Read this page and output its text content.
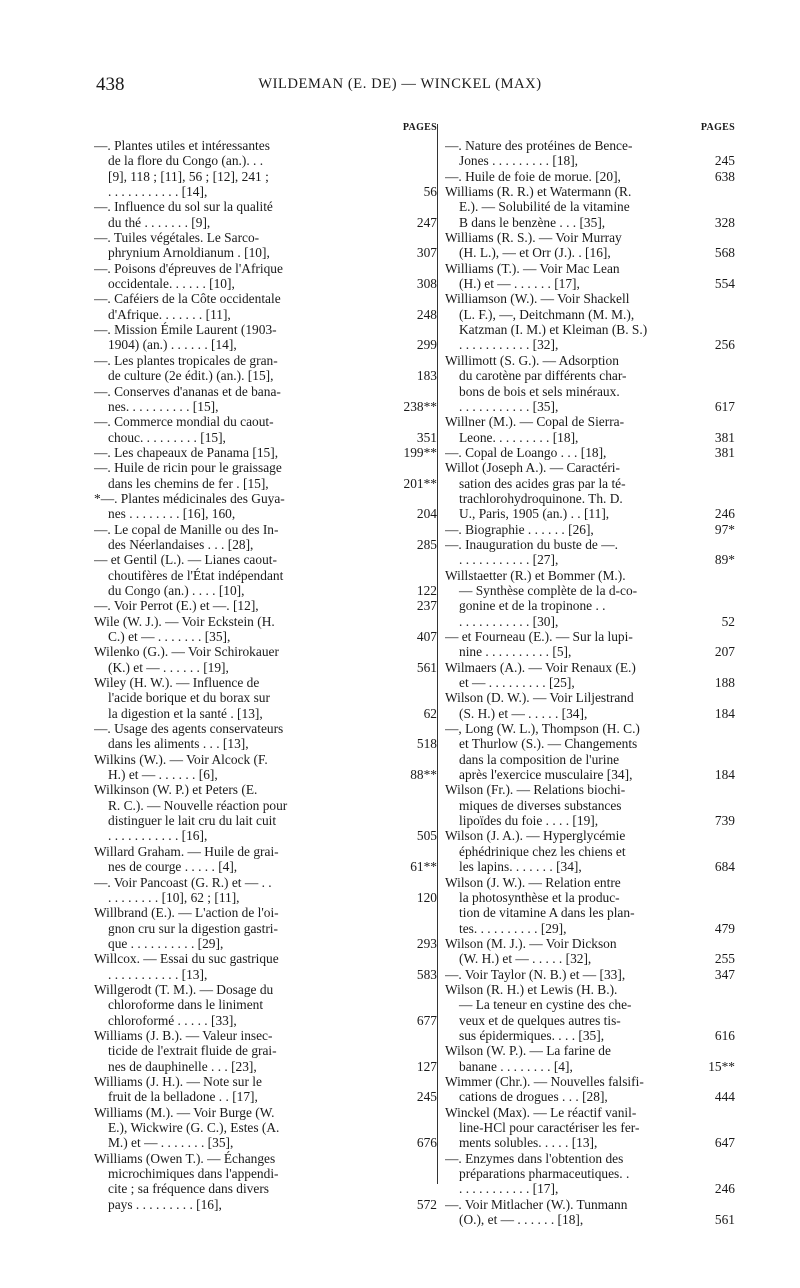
438	WILDEMAN (E. DE) — WINCKEL (MAX)
PAGES
—. Plantes utiles et intéressantes
de la flore du Congo (an.). . .
[9], 118 ; [11], 56 ; [12], 241 ;
. . . . . . . . . . . [14],	56
—. Influence du sol sur la qualité
du thé . . . . . . . [9],	247
—. Tuiles végétales. Le Sarco-
phrynium Arnoldianum . [10],	307
—. Poisons d'épreuves de l'Afrique
occidentale. . . . . . [10],	308
—. Caféiers de la Côte occidentale
d'Afrique. . . . . . . [11],	248
—. Mission Émile Laurent (1903-
1904) (an.) . . . . . . [14],	299
—. Les plantes tropicales de gran-
de culture (2e édit.) (an.). [15],	183
—. Conserves d'ananas et de bana-
nes. . . . . . . . . . [15],	238**
—. Commerce mondial du caout-
chouc. . . . . . . . . [15],	351
—. Les chapeaux de Panama [15],	199**
—. Huile de ricin pour le graissage
dans les chemins de fer . [15],	201**
*—. Plantes médicinales des Guya-
nes . . . . . . . . [16], 160,	204
—. Le copal de Manille ou des In-
des Néerlandaises . . . [28],	285
— et Gentil (L.). — Lianes caout-
choutifères de l'État indépendant
du Congo (an.) . . . . [10],	122
—. Voir Perrot (E.) et —. [12],	237
Wile (W. J.). — Voir Eckstein (H.
C.) et — . . . . . . . [35],	407
Wilenko (G.). — Voir Schirokauer
(K.) et — . . . . . . [19],	561
Wiley (H. W.). — Influence de
l'acide borique et du borax sur
la digestion et la santé . [13],	62
—. Usage des agents conservateurs
dans les aliments . . . [13],	518
Wilkins (W.). — Voir Alcock (F.
H.) et — . . . . . . [6],	88**
Wilkinson (W. P.) et Peters (E.
R. C.). — Nouvelle réaction pour
distinguer le lait cru du lait cuit
. . . . . . . . . . . [16],	505
Willard Graham. — Huile de grai-
nes de courge . . . . . [4],	61**
—. Voir Pancoast (G. R.) et — . .
. . . . . . . . [10], 62 ; [11],	120
Willbrand (E.). — L'action de l'oi-
gnon cru sur la digestion gastri-
que . . . . . . . . . . [29],	293
Willcox. — Essai du suc gastrique
. . . . . . . . . . . [13],	583
Willgerodt (T. M.). — Dosage du
chloroforme dans le liniment
chloroformé . . . . . [33],	677
Williams (J. B.). — Valeur insec-
ticide de l'extrait fluide de grai-
nes de dauphinelle . . . [23],	127
Williams (J. H.). — Note sur le
fruit de la belladone . . [17],	245
Williams (M.). — Voir Burge (W.
E.), Wickwire (G. C.), Estes (A.
M.) et — . . . . . . . [35],	676
Williams (Owen T.). — Échanges
microchimiques dans l'appendi-
cite ; sa fréquence dans divers
pays . . . . . . . . . [16],	572
PAGES
—. Nature des protéines de Bence-
Jones . . . . . . . . . [18],	245
—. Huile de foie de morue. [20],	638
Williams (R. R.) et Watermann (R.
E.). — Solubilité de la vitamine
B dans le benzène . . . [35],	328
Williams (R. S.). — Voir Murray
(H. L.), — et Orr (J.). . [16],	568
Williams (T.). — Voir Mac Lean
(H.) et — . . . . . . [17],	554
Williamson (W.). — Voir Shackell
(L. F.), —, Deitchmann (M. M.),
Katzman (I. M.) et Kleiman (B. S.)
. . . . . . . . . . . [32],	256
Willimott (S. G.). — Adsorption
du carotène par différents char-
bons de bois et sels minéraux.
. . . . . . . . . . . [35],	617
Willner (M.). — Copal de Sierra-
Leone. . . . . . . . . [18],	381
—. Copal de Loango . . . [18],	381
Willot (Joseph A.). — Caractéri-
sation des acides gras par la té-
trachlorohydroquinone. Th. D.
U., Paris, 1905 (an.) . . [11],	246
—. Biographie . . . . . . [26],	97*
—. Inauguration du buste de —.
. . . . . . . . . . . [27],	89*
Willstaetter (R.) et Bommer (M.).
— Synthèse complète de la d-co-
gonine et de la tropinone . .
. . . . . . . . . . . [30],	52
— et Fourneau (E.). — Sur la lupi-
nine . . . . . . . . . . [5],	207
Wilmaers (A.). — Voir Renaux (E.)
et — . . . . . . . . . [25],	188
Wilson (D. W.). — Voir Liljestrand
(S. H.) et — . . . . . [34],	184
—, Long (W. L.), Thompson (H. C.)
et Thurlow (S.). — Changements
dans la composition de l'urine
après l'exercice musculaire [34],	184
Wilson (Fr.). — Relations biochi-
miques de diverses substances
lipoïdes du foie . . . . [19],	739
Wilson (J. A.). — Hyperglycémie
éphédrinique chez les chiens et
les lapins. . . . . . . [34],	684
Wilson (J. W.). — Relation entre
la photosynthèse et la produc-
tion de vitamine A dans les plan-
tes. . . . . . . . . . [29],	479
Wilson (M. J.). — Voir Dickson
(W. H.) et — . . . . . [32],	255
—. Voir Taylor (N. B.) et — [33],	347
Wilson (R. H.) et Lewis (H. B.).
— La teneur en cystine des che-
veux et de quelques autres tis-
sus épidermiques. . . . [35],	616
Wilson (W. P.). — La farine de
banane . . . . . . . . [4],	15**
Wimmer (Chr.). — Nouvelles falsifi-
cations de drogues . . . [28],	444
Winckel (Max). — Le réactif vanil-
line-HCl pour caractériser les fer-
ments solubles. . . . . [13],	647
—. Enzymes dans l'obtention des
préparations pharmaceutiques. .
. . . . . . . . . . . [17],	246
—. Voir Mitlacher (W.). Tunmann
(O.), et — . . . . . . [18],	561
